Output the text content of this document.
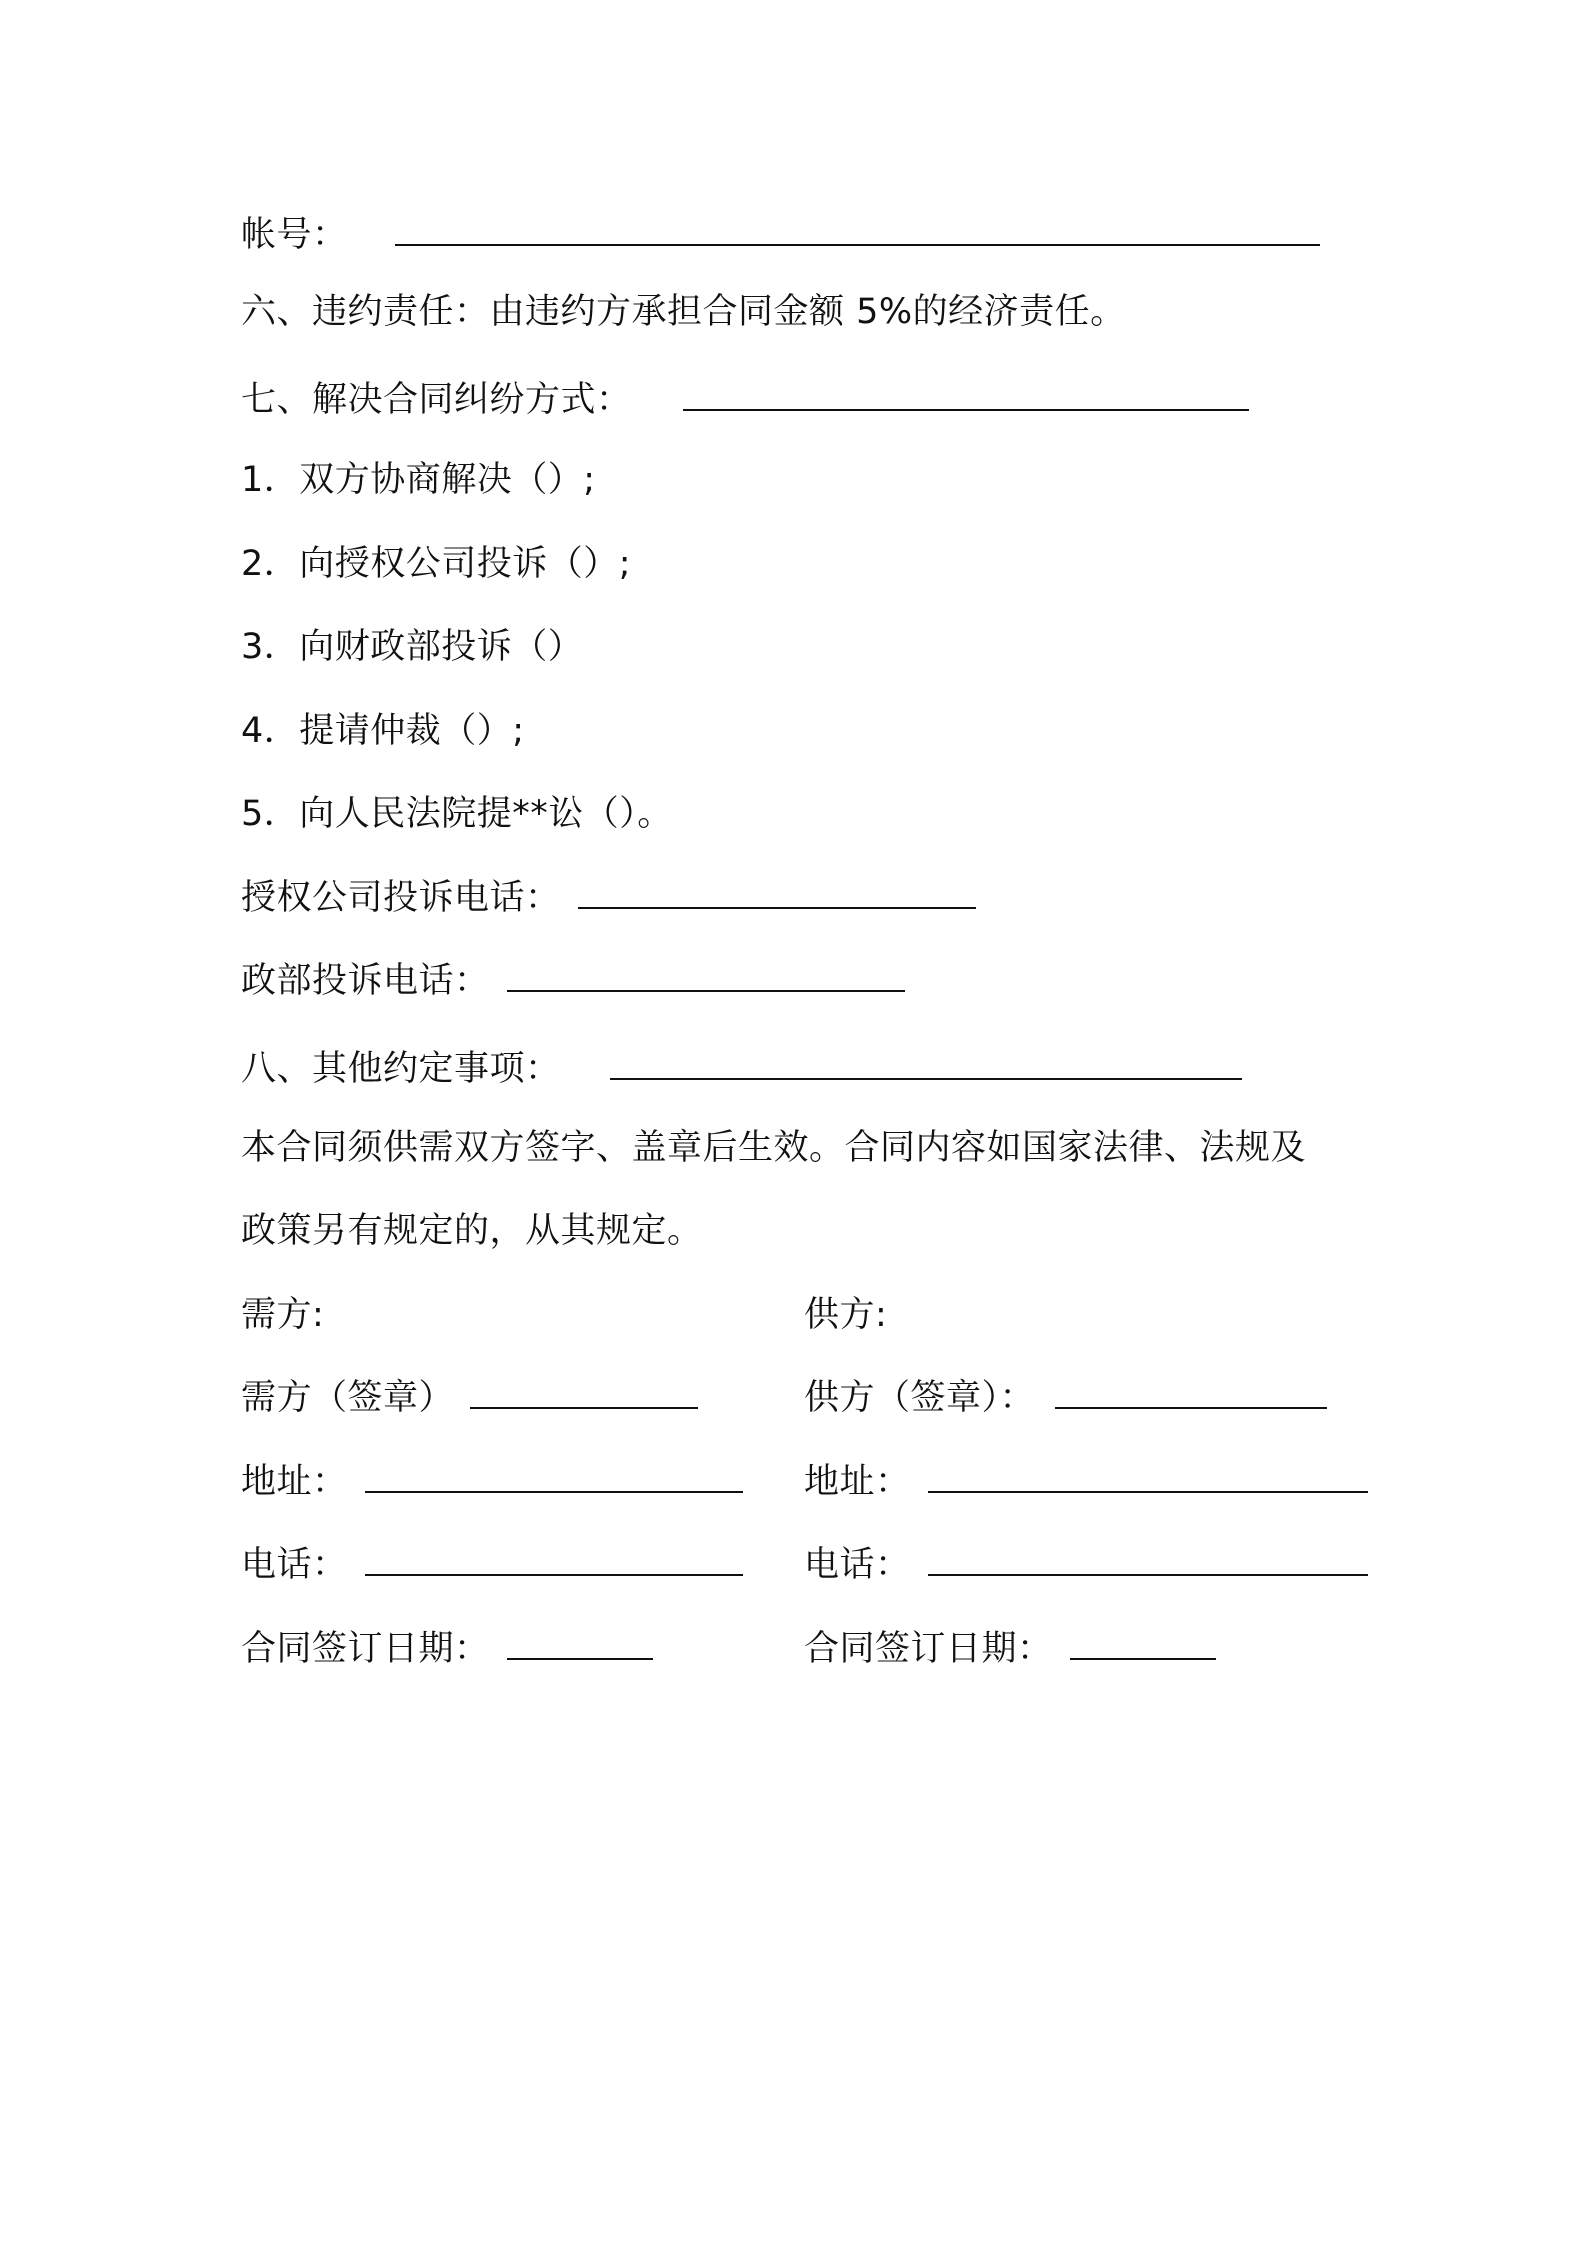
帐号：
六、违约责任：由违约方承担合同金额 5%的经济责任。
七、解决合同纠纷方式：
1．双方协商解决（）;
2．向授权公司投诉（）;
3．向财政部投诉（）
4．提请仲裁（）;
5．向人民法院提**讼（）。
授权公司投诉电话：
政部投诉电话：
八、其他约定事项：
本合同须供需双方签字、盖章后生效。合同内容如国家法律、法规及
政策另有规定的，从其规定。
需方:
需方（签章）
地址：
电话：
合同签订日期：
供方:
供方（签章）：
地址：
电话：
合同签订日期：
